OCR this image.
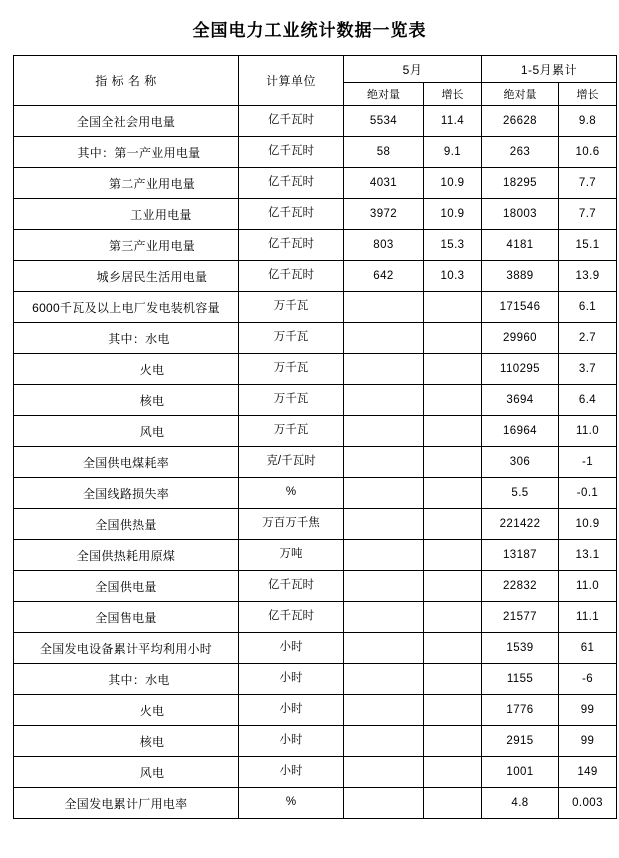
全国电力工业统计数据一览表
指 标 名 称	计算单位	5月		1-5月累计	
		绝对量	增长	绝对量	增长
全国全社会用电量	亿千瓦时	5534	11.4	26628	9.8
其中：第一产业用电量	亿千瓦时	58	9.1	263	10.6
第二产业用电量	亿千瓦时	4031	10.9	18295	7.7
工业用电量	亿千瓦时	3972	10.9	18003	7.7
第三产业用电量	亿千瓦时	803	15.3	4181	15.1
城乡居民生活用电量	亿千瓦时	642	10.3	3889	13.9
6000千瓦及以上电厂发电装机容量	万千瓦			171546	6.1
其中：水电	万千瓦			29960	2.7
火电	万千瓦			110295	3.7
核电	万千瓦			3694	6.4
风电	万千瓦			16964	11.0
全国供电煤耗率	克/千瓦时			306	-1
全国线路损失率	%			5.5	-0.1
全国供热量	万百万千焦			221422	10.9
全国供热耗用原煤	万吨			13187	13.1
全国供电量	亿千瓦时			22832	11.0
全国售电量	亿千瓦时			21577	11.1
全国发电设备累计平均利用小时	小时			1539	61
其中：水电	小时			1155	-6
火电	小时			1776	99
核电	小时			2915	99
风电	小时			1001	149
全国发电累计厂用电率	%			4.8	0.003
